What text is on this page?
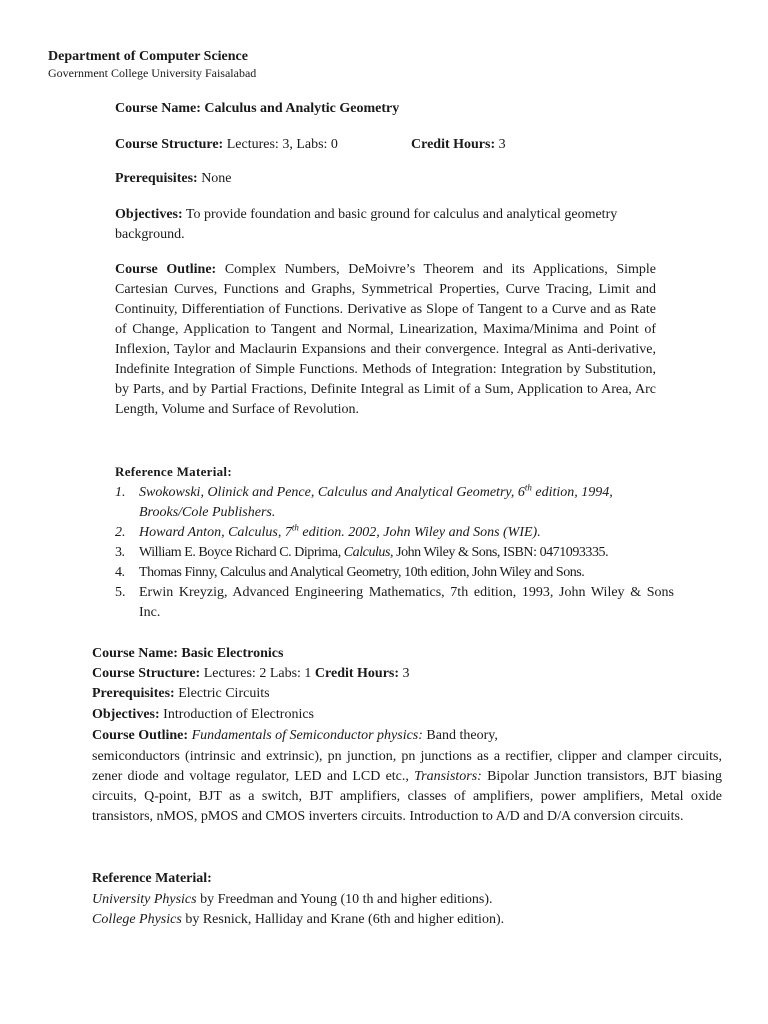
Department of Computer Science
Government College University Faisalabad
Course Name: Calculus and Analytic Geometry
Course Structure: Lectures: 3, Labs: 0	Credit Hours: 3
Prerequisites: None
Objectives: To provide foundation and basic ground for calculus and analytical geometry background.
Course Outline: Complex Numbers, DeMoivre’s Theorem and its Applications, Simple Cartesian Curves, Functions and Graphs, Symmetrical Properties, Curve Tracing, Limit and Continuity, Differentiation of Functions. Derivative as Slope of Tangent to a Curve and as Rate of Change, Application to Tangent and Normal, Linearization, Maxima/Minima and Point of Inflexion, Taylor and Maclaurin Expansions and their convergence. Integral as Anti-derivative, Indefinite Integration of Simple Functions. Methods of Integration: Integration by Substitution, by Parts, and by Partial Fractions, Definite Integral as Limit of a Sum, Application to Area, Arc Length, Volume and Surface of Revolution.
Reference Material:
1. Swokowski, Olinick and Pence, Calculus and Analytical Geometry, 6th edition, 1994, Brooks/Cole Publishers.
2. Howard Anton, Calculus, 7th edition. 2002, John Wiley and Sons (WIE).
3. William E. Boyce Richard C. Diprima, Calculus, John Wiley & Sons, ISBN: 0471093335.
4. Thomas Finny, Calculus and Analytical Geometry, 10th edition, John Wiley and Sons.
5. Erwin Kreyzig, Advanced Engineering Mathematics, 7th edition, 1993, John Wiley & Sons Inc.
Course Name: Basic Electronics
Course Structure: Lectures: 2 Labs: 1 Credit Hours: 3
Prerequisites: Electric Circuits
Objectives: Introduction of Electronics
Course Outline: Fundamentals of Semiconductor physics: Band theory,
semiconductors (intrinsic and extrinsic), pn junction, pn junctions as a rectifier, clipper and clamper circuits, zener diode and voltage regulator, LED and LCD etc., Transistors: Bipolar Junction transistors, BJT biasing circuits, Q-point, BJT as a switch, BJT amplifiers, classes of amplifiers, power amplifiers, Metal oxide transistors, nMOS, pMOS and CMOS inverters circuits. Introduction to A/D and D/A conversion circuits.
Reference Material:
University Physics by Freedman and Young (10 th and higher editions).
College Physics by Resnick, Halliday and Krane (6th and higher edition).
